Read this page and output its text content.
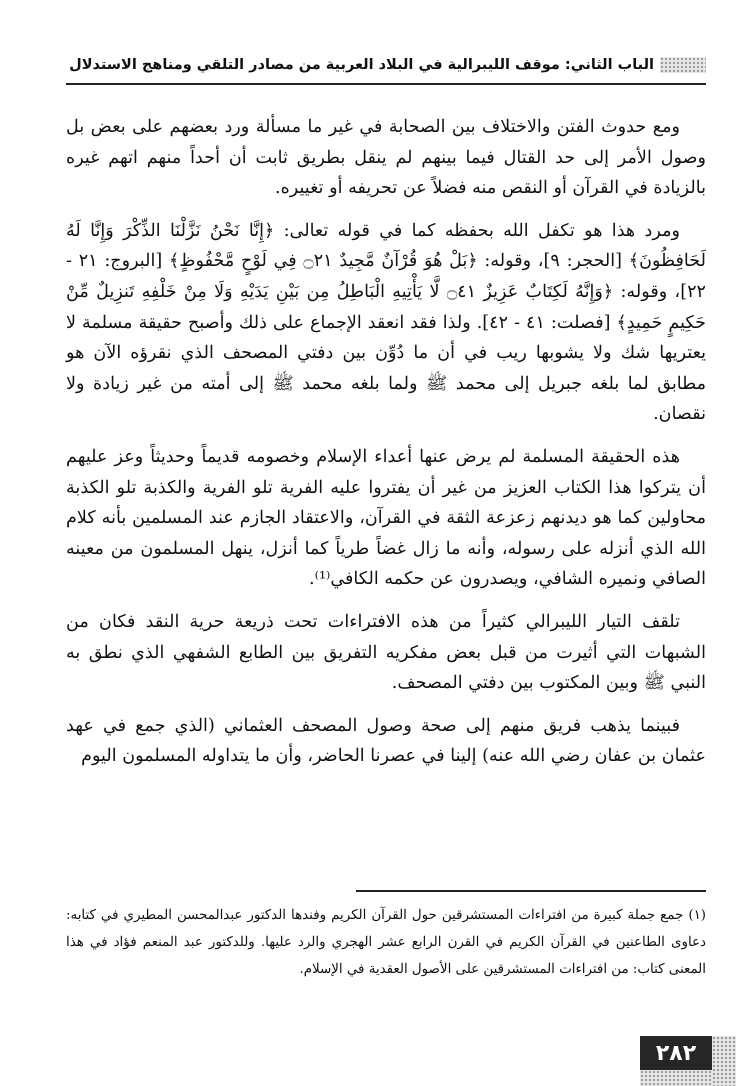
الباب الثاني: موقف الليبرالية في البلاد العربية من مصادر التلقي ومناهج الاستدلال

ومع حدوث الفتن والاختلاف بين الصحابة في غير ما مسألة ورد بعضهم على بعض بل وصول الأمر إلى حد القتال فيما بينهم لم ينقل بطريق ثابت أن أحداً منهم اتهم غيره بالزيادة في القرآن أو النقص منه فضلاً عن تحريفه أو تغييره.

ومرد هذا هو تكفل الله بحفظه كما في قوله تعالى: ﴿إِنَّا نَحْنُ نَزَّلْنَا الذِّكْرَ وَإِنَّا لَهُ لَحَافِظُونَ﴾ [الحجر: ٩]، وقوله: ﴿بَلْ هُوَ قُرْآنٌ مَّجِيدٌ ۝٢١ فِي لَوْحٍ مَّحْفُوظٍ﴾ [البروج: ٢١ - ٢٢]، وقوله: ﴿وَإِنَّهُ لَكِتَابٌ عَزِيزٌ ۝٤١ لَّا يَأْتِيهِ الْبَاطِلُ مِن بَيْنِ يَدَيْهِ وَلَا مِنْ خَلْفِهِ تَنزِيلٌ مِّنْ حَكِيمٍ حَمِيدٍ﴾ [فصلت: ٤١ - ٤٢]. ولذا فقد انعقد الإجماع على ذلك وأصبح حقيقة مسلمة لا يعتريها شك ولا يشوبها ريب في أن ما دُوِّن بين دفتي المصحف الذي نقرؤه الآن هو مطابق لما بلغه جبريل إلى محمد ﷺ ولما بلغه محمد ﷺ إلى أمته من غير زيادة ولا نقصان.

هذه الحقيقة المسلمة لم يرض عنها أعداء الإسلام وخصومه قديماً وحديثاً وعز عليهم أن يتركوا هذا الكتاب العزيز من غير أن يفتروا عليه الفرية تلو الفرية والكذبة تلو الكذبة محاولين كما هو ديدنهم زعزعة الثقة في القرآن، والاعتقاد الجازم عند المسلمين بأنه كلام الله الذي أنزله على رسوله، وأنه ما زال غضاً طرياً كما أنزل، ينهل المسلمون من معينه الصافي ونميره الشافي، ويصدرون عن حكمه الكافي⁽¹⁾.

تلقف التيار الليبرالي كثيراً من هذه الافتراءات تحت ذريعة حرية النقد فكان من الشبهات التي أثيرت من قبل بعض مفكريه التفريق بين الطابع الشفهي الذي نطق به النبي ﷺ وبين المكتوب بين دفتي المصحف.

فبينما يذهب فريق منهم إلى صحة وصول المصحف العثماني (الذي جمع في عهد عثمان بن عفان رضي الله عنه) إلينا في عصرنا الحاضر، وأن ما يتداوله المسلمون اليوم

(١) جمع جملة كبيرة من افتراءات المستشرقين حول القرآن الكريم وفندها الدكتور عبدالمحسن المطيري في كتابه: دعاوى الطاعنين في القرآن الكريم في القرن الرابع عشر الهجري والرد عليها. وللدكتور عبد المنعم فؤاد في هذا المعنى كتاب: من افتراءات المستشرقين على الأصول العقدية في الإسلام.
٢٨٢
